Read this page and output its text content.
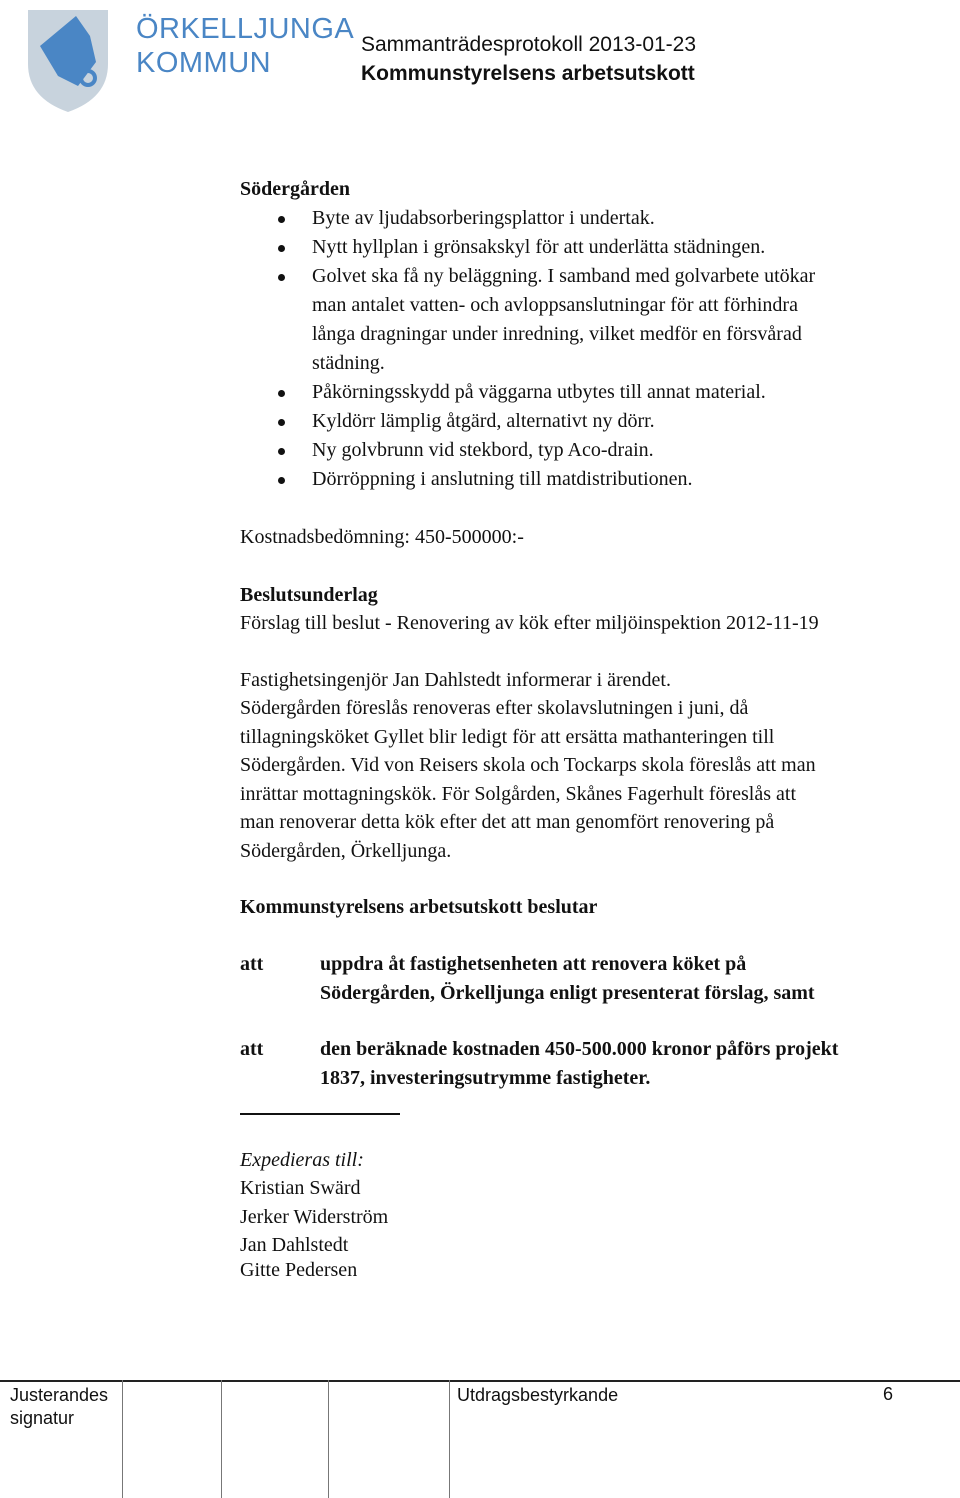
ÖRKELLJUNGA
KOMMUN
Sammanträdesprotokoll 2013-01-23
Kommunstyrelsens arbetsutskott
Södergården
Byte av ljudabsorberingsplattor i undertak.
Nytt hyllplan i grönsakskyl för att underlätta städningen.
Golvet ska få ny beläggning. I samband med golvarbete utökar
man antalet vatten- och avloppsanslutningar för att förhindra
långa dragningar under inredning, vilket medför en försvårad
städning.
Påkörningsskydd på väggarna utbytes till annat material.
Kyldörr lämplig åtgärd, alternativt ny dörr.
Ny golvbrunn vid stekbord, typ Aco-drain.
Dörröppning i anslutning till matdistributionen.
Kostnadsbedömning: 450-500000:-
Beslutsunderlag
Förslag till beslut - Renovering av kök efter miljöinspektion 2012-11-19
Fastighetsingenjör Jan Dahlstedt informerar i ärendet.
Södergården föreslås renoveras efter skolavslutningen i juni, då
tillagningsköket Gyllet blir ledigt för att ersätta mathanteringen till
Södergården. Vid von Reisers skola och Tockarps skola föreslås att man
inrättar mottagningskök. För Solgården, Skånes Fagerhult föreslås att
man renoverar detta kök efter det att man genomfört renovering på
Södergården, Örkelljunga.
Kommunstyrelsens arbetsutskott beslutar
att	uppdra åt fastighetsenheten att renovera köket på
Södergården, Örkelljunga enligt presenterat förslag, samt
att	den beräknade kostnaden 450-500.000 kronor påförs projekt
1837, investeringsutrymme fastigheter.
Expedieras till:
Kristian Swärd
Jerker Widerström
Jan Dahlstedt
Gitte Pedersen
Justerandes
signatur
Utdragsbestyrkande	6
